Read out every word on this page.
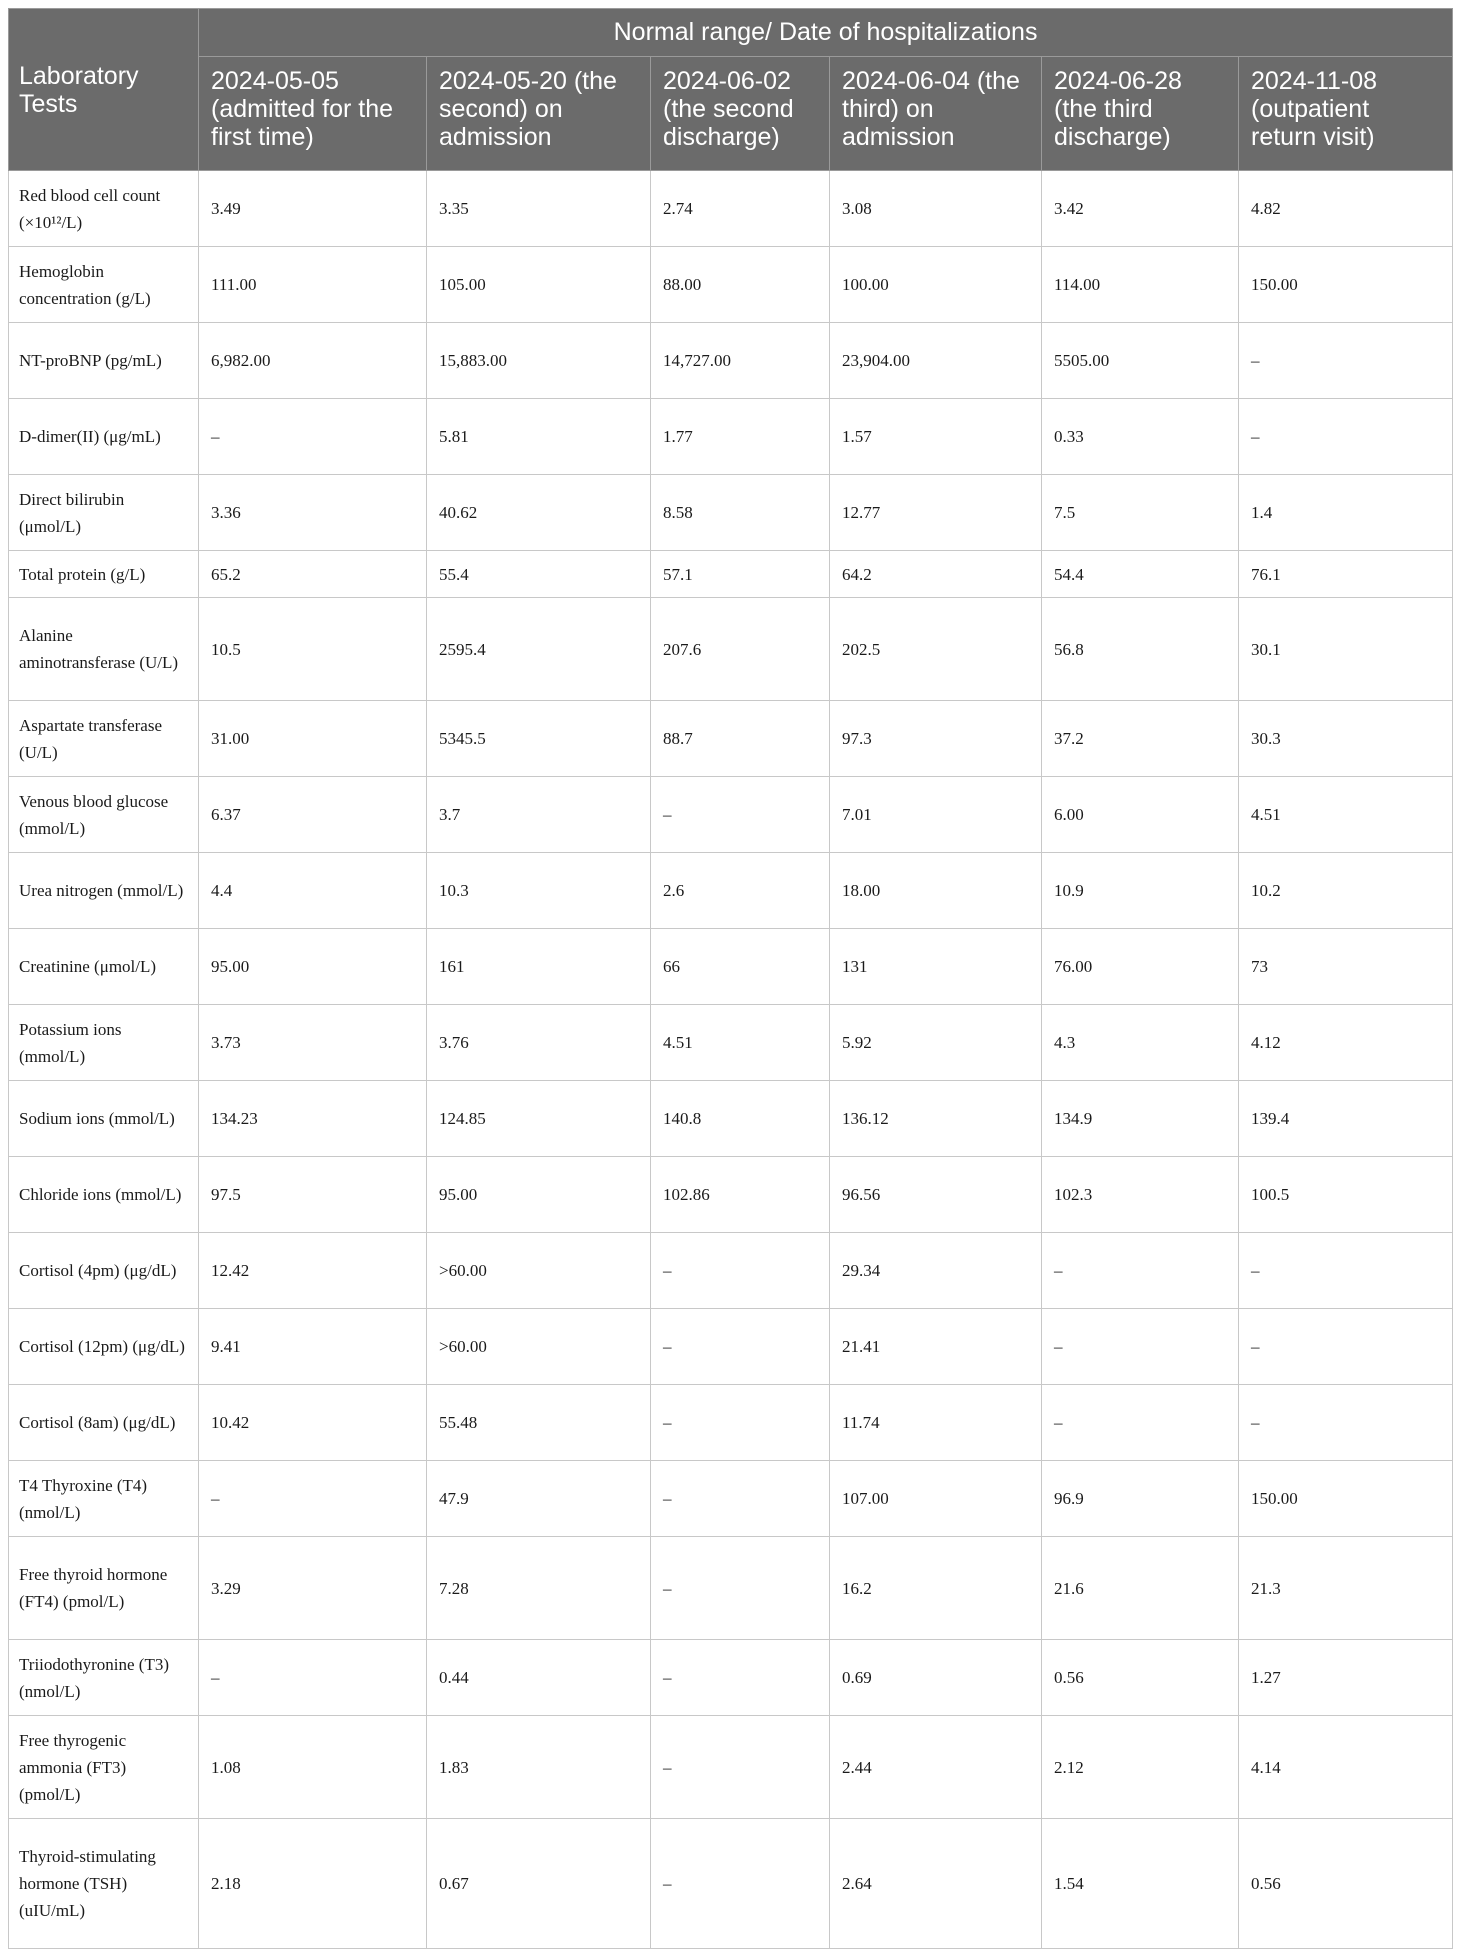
Laboratory Tests	Normal range/ Date of hospitalizations					
	2024-05-05 (admitted for the first time)	2024-05-20 (the second) on admission	2024-06-02 (the second discharge)	2024-06-04 (the third) on admission	2024-06-28 (the third discharge)	2024-11-08 (outpatient return visit)
Red blood cell count (×10¹²/L)	3.49	3.35	2.74	3.08	3.42	4.82
Hemoglobin concentration (g/L)	111.00	105.00	88.00	100.00	114.00	150.00
NT-proBNP (pg/mL)	6,982.00	15,883.00	14,727.00	23,904.00	5505.00	–
D-dimer(II) (μg/mL)	–	5.81	1.77	1.57	0.33	–
Direct bilirubin (μmol/L)	3.36	40.62	8.58	12.77	7.5	1.4
Total protein (g/L)	65.2	55.4	57.1	64.2	54.4	76.1
Alanine aminotransferase (U/L)	10.5	2595.4	207.6	202.5	56.8	30.1
Aspartate transferase (U/L)	31.00	5345.5	88.7	97.3	37.2	30.3
Venous blood glucose (mmol/L)	6.37	3.7	–	7.01	6.00	4.51
Urea nitrogen (mmol/L)	4.4	10.3	2.6	18.00	10.9	10.2
Creatinine (μmol/L)	95.00	161	66	131	76.00	73
Potassium ions (mmol/L)	3.73	3.76	4.51	5.92	4.3	4.12
Sodium ions (mmol/L)	134.23	124.85	140.8	136.12	134.9	139.4
Chloride ions (mmol/L)	97.5	95.00	102.86	96.56	102.3	100.5
Cortisol (4pm) (μg/dL)	12.42	>60.00	–	29.34	–	–
Cortisol (12pm) (μg/dL)	9.41	>60.00	–	21.41	–	–
Cortisol (8am) (μg/dL)	10.42	55.48	–	11.74	–	–
T4 Thyroxine (T4) (nmol/L)	–	47.9	–	107.00	96.9	150.00
Free thyroid hormone (FT4) (pmol/L)	3.29	7.28	–	16.2	21.6	21.3
Triiodothyronine (T3) (nmol/L)	–	0.44	–	0.69	0.56	1.27
Free thyrogenic ammonia (FT3) (pmol/L)	1.08	1.83	–	2.44	2.12	4.14
Thyroid-stimulating hormone (TSH) (uIU/mL)	2.18	0.67	–	2.64	1.54	0.56
